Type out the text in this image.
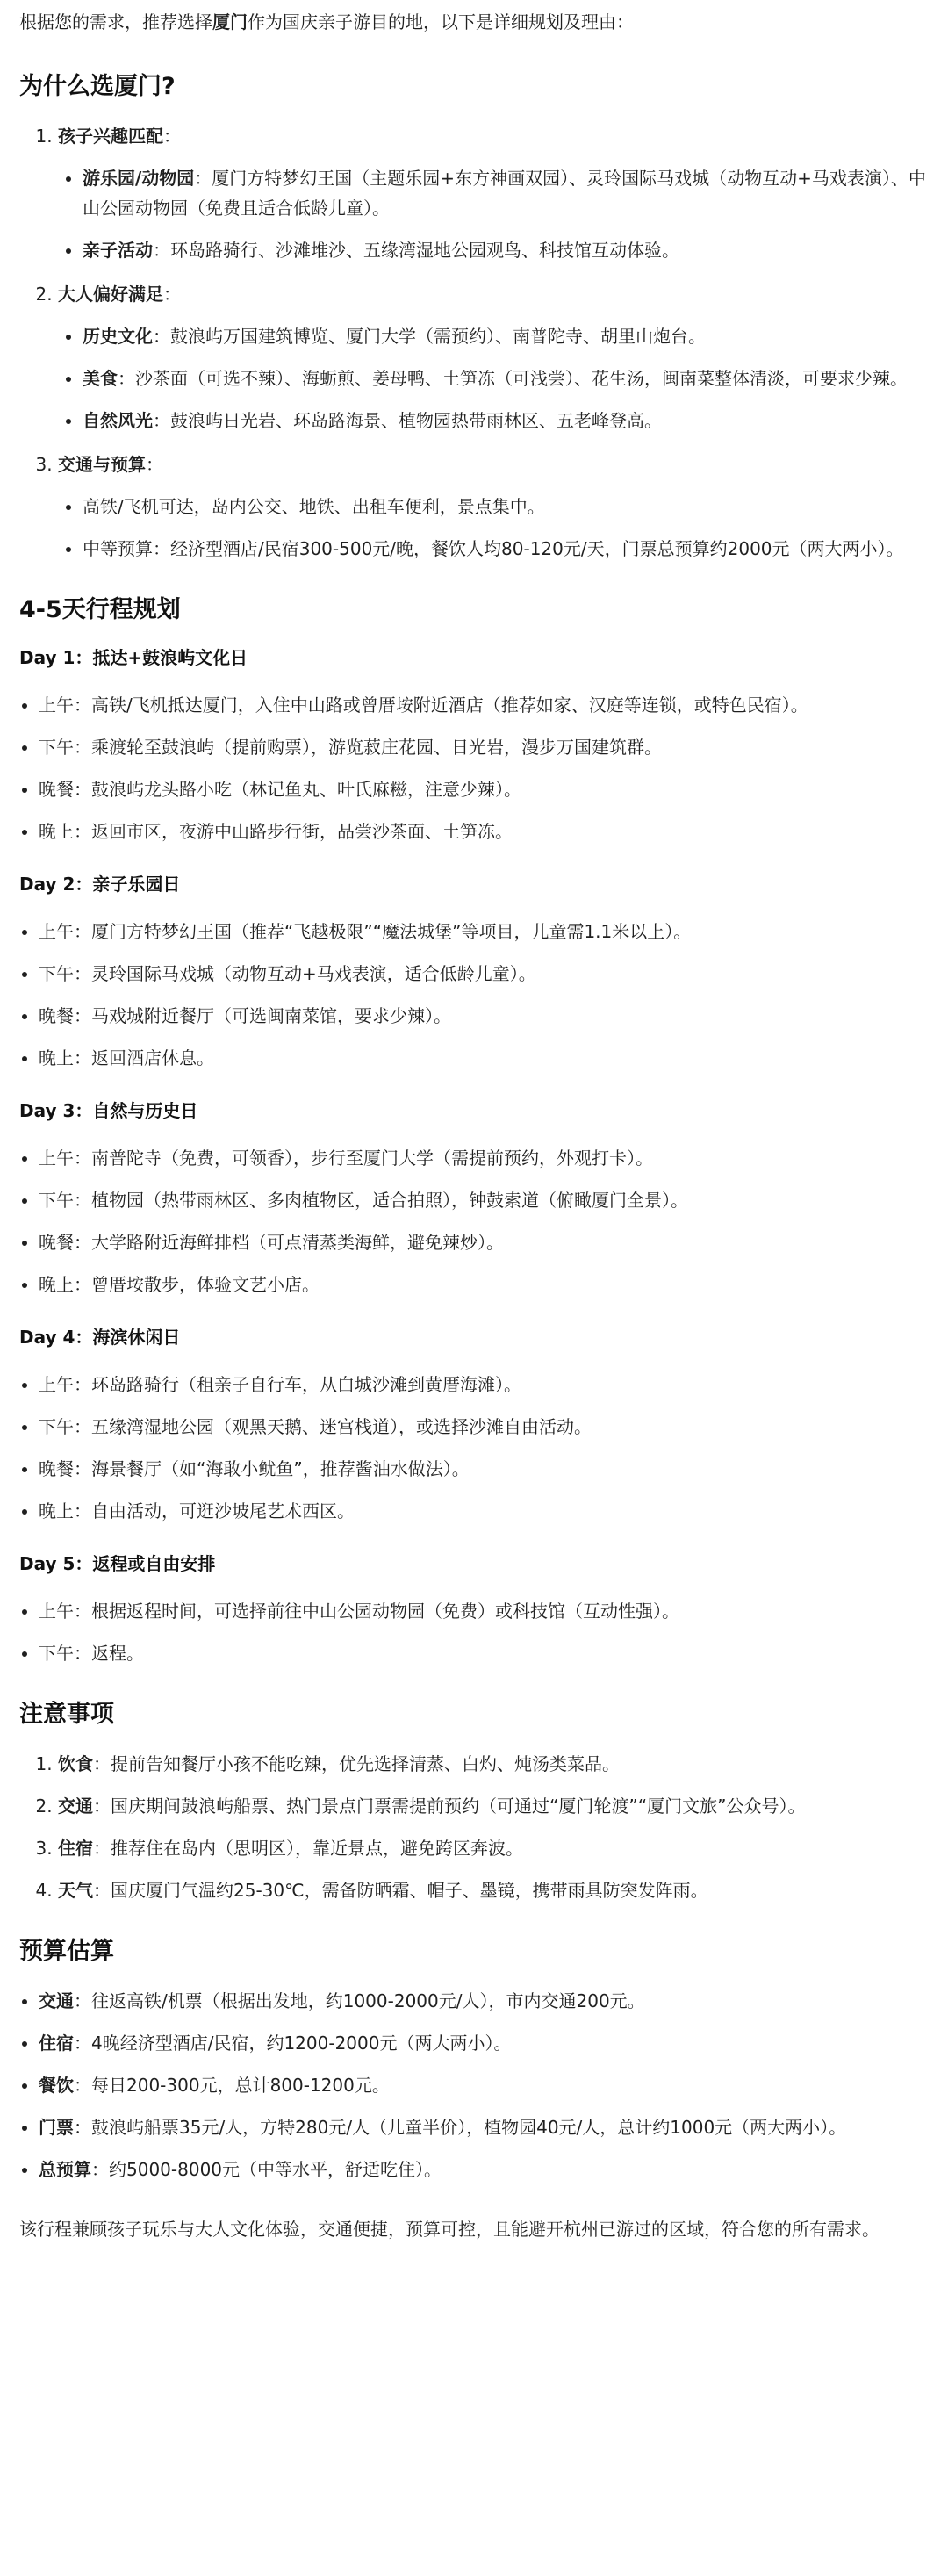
根据您的需求，推荐选择厦门作为国庆亲子游目的地，以下是详细规划及理由：

为什么选厦门?
1. 孩子兴趣匹配：
• 游乐园/动物园：厦门方特梦幻王国（主题乐园+东方神画双园）、灵玲国际马戏城（动物互动+马戏表演）、中山公园动物园（免费且适合低龄儿童）。
• 亲子活动：环岛路骑行、沙滩堆沙、五缘湾湿地公园观鸟、科技馆互动体验。
2. 大人偏好满足：
• 历史文化：鼓浪屿万国建筑博览、厦门大学（需预约）、南普陀寺、胡里山炮台。
• 美食：沙茶面（可选不辣）、海蛎煎、姜母鸭、土笋冻（可浅尝）、花生汤，闽南菜整体清淡，可要求少辣。
• 自然风光：鼓浪屿日光岩、环岛路海景、植物园热带雨林区、五老峰登高。
3. 交通与预算：
• 高铁/飞机可达，岛内公交、地铁、出租车便利，景点集中。
• 中等预算：经济型酒店/民宿300-500元/晚，餐饮人均80-120元/天，门票总预算约2000元（两大两小）。
4-5天行程规划
Day 1：抵达+鼓浪屿文化日
• 上午：高铁/飞机抵达厦门，入住中山路或曾厝垵附近酒店（推荐如家、汉庭等连锁，或特色民宿）。
• 下午：乘渡轮至鼓浪屿（提前购票），游览菽庄花园、日光岩，漫步万国建筑群。
• 晚餐：鼓浪屿龙头路小吃（林记鱼丸、叶氏麻糍，注意少辣）。
• 晚上：返回市区，夜游中山路步行街，品尝沙茶面、土笋冻。
Day 2：亲子乐园日
• 上午：厦门方特梦幻王国（推荐“飞越极限”“魔法城堡”等项目，儿童需1.1米以上）。
• 下午：灵玲国际马戏城（动物互动+马戏表演，适合低龄儿童）。
• 晚餐：马戏城附近餐厅（可选闽南菜馆，要求少辣）。
• 晚上：返回酒店休息。
Day 3：自然与历史日
• 上午：南普陀寺（免费，可领香），步行至厦门大学（需提前预约，外观打卡）。
• 下午：植物园（热带雨林区、多肉植物区，适合拍照），钟鼓索道（俯瞰厦门全景）。
• 晚餐：大学路附近海鲜排档（可点清蒸类海鲜，避免辣炒）。
• 晚上：曾厝垵散步，体验文艺小店。
Day 4：海滨休闲日
• 上午：环岛路骑行（租亲子自行车，从白城沙滩到黄厝海滩）。
• 下午：五缘湾湿地公园（观黑天鹅、迷宫栈道），或选择沙滩自由活动。
• 晚餐：海景餐厅（如“海敢小鱿鱼”，推荐酱油水做法）。
• 晚上：自由活动，可逛沙坡尾艺术西区。
Day 5：返程或自由安排
• 上午：根据返程时间，可选择前往中山公园动物园（免费）或科技馆（互动性强）。
• 下午：返程。
注意事项
1. 饮食：提前告知餐厅小孩不能吃辣，优先选择清蒸、白灼、炖汤类菜品。
2. 交通：国庆期间鼓浪屿船票、热门景点门票需提前预约（可通过“厦门轮渡”“厦门文旅”公众号）。
3. 住宿：推荐住在岛内（思明区），靠近景点，避免跨区奔波。
4. 天气：国庆厦门气温约25-30℃，需备防晒霜、帽子、墨镜，携带雨具防突发阵雨。
预算估算
• 交通：往返高铁/机票（根据出发地，约1000-2000元/人），市内交通200元。
• 住宿：4晚经济型酒店/民宿，约1200-2000元（两大两小）。
• 餐饮：每日200-300元，总计800-1200元。
• 门票：鼓浪屿船票35元/人，方特280元/人（儿童半价），植物园40元/人，总计约1000元（两大两小）。
• 总预算：约5000-8000元（中等水平，舒适吃住）。

该行程兼顾孩子玩乐与大人文化体验，交通便捷，预算可控，且能避开杭州已游过的区域，符合您的所有需求。
